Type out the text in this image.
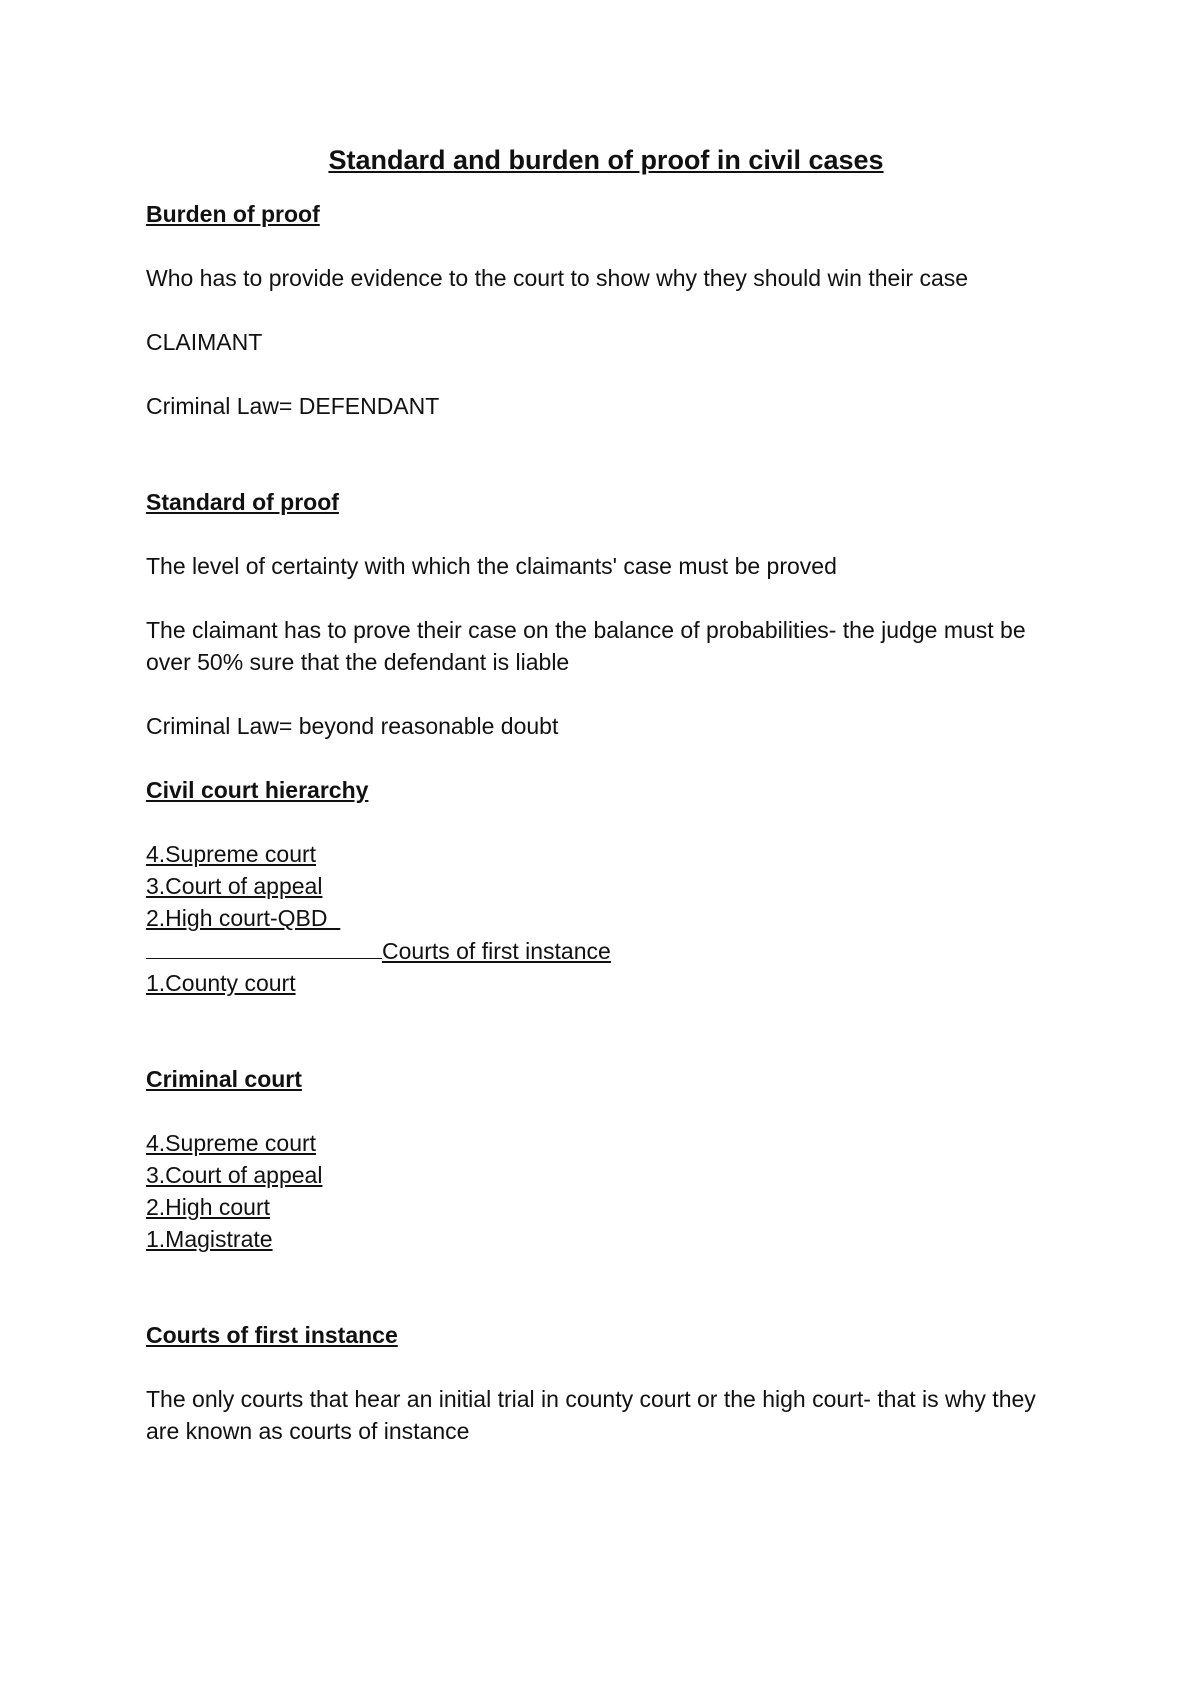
Standard and burden of proof in civil cases
Burden of proof
Who has to provide evidence to the court to show why they should win their case
CLAIMANT
Criminal Law= DEFENDANT
Standard of proof
The level of certainty with which the claimants' case must be proved
The claimant has to prove their case on the balance of probabilities- the judge must be over 50% sure that the defendant is liable
Criminal Law= beyond reasonable doubt
Civil court hierarchy
4.Supreme court
3.Court of appeal
2.High court-QBD
Courts of first instance
1.County court
Criminal court
4.Supreme court
3.Court of appeal
2.High court
1.Magistrate
Courts of first instance
The only courts that hear an initial trial in county court or the high court- that is why they are known as courts of instance
